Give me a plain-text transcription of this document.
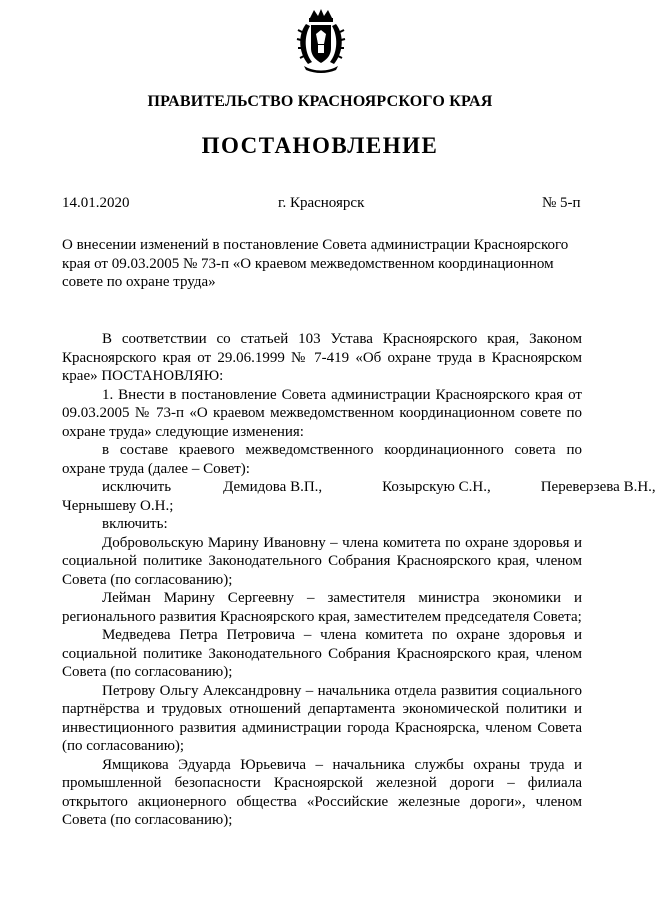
ПРАВИТЕЛЬСТВО КРАСНОЯРСКОГО КРАЯ
ПОСТАНОВЛЕНИЕ
14.01.2020	г. Красноярск	№ 5-п
О внесении изменений в постановление Совета администрации Красноярского края от 09.03.2005 № 73-п «О краевом межведомственном координационном совете по охране труда»

В соответствии со статьей 103 Устава Красноярского края, Законом Красноярского края от 29.06.1999 № 7-419 «Об охране труда в Красноярском крае» ПОСТАНОВЛЯЮ:

1. Внести в постановление Совета администрации Красноярского края от 09.03.2005 № 73-п «О краевом межведомственном координационном совете по охране труда» следующие изменения:

в составе краевого межведомственного координационного совета по охране труда (далее – Совет):

исключить	Демидова В.П.,	Козырскую С.Н.,	Переверзева В.Н.,

Чернышеву О.Н.;

включить:

Добровольскую Марину Ивановну – члена комитета по охране здоровья и социальной политике Законодательного Собрания Красноярского края, членом Совета (по согласованию);

Лейман Марину Сергеевну – заместителя министра экономики и регионального развития Красноярского края, заместителем председателя Совета;

Медведева Петра Петровича – члена комитета по охране здоровья и социальной политике Законодательного Собрания Красноярского края, членом Совета (по согласованию);

Петрову Ольгу Александровну – начальника отдела развития социального партнёрства и трудовых отношений департамента экономической политики и инвестиционного развития администрации города Красноярска, членом Совета (по согласованию);

Ямщикова Эдуарда Юрьевича – начальника службы охраны труда и промышленной безопасности Красноярской железной дороги – филиала открытого акционерного общества «Российские железные дороги», членом Совета (по согласованию);
